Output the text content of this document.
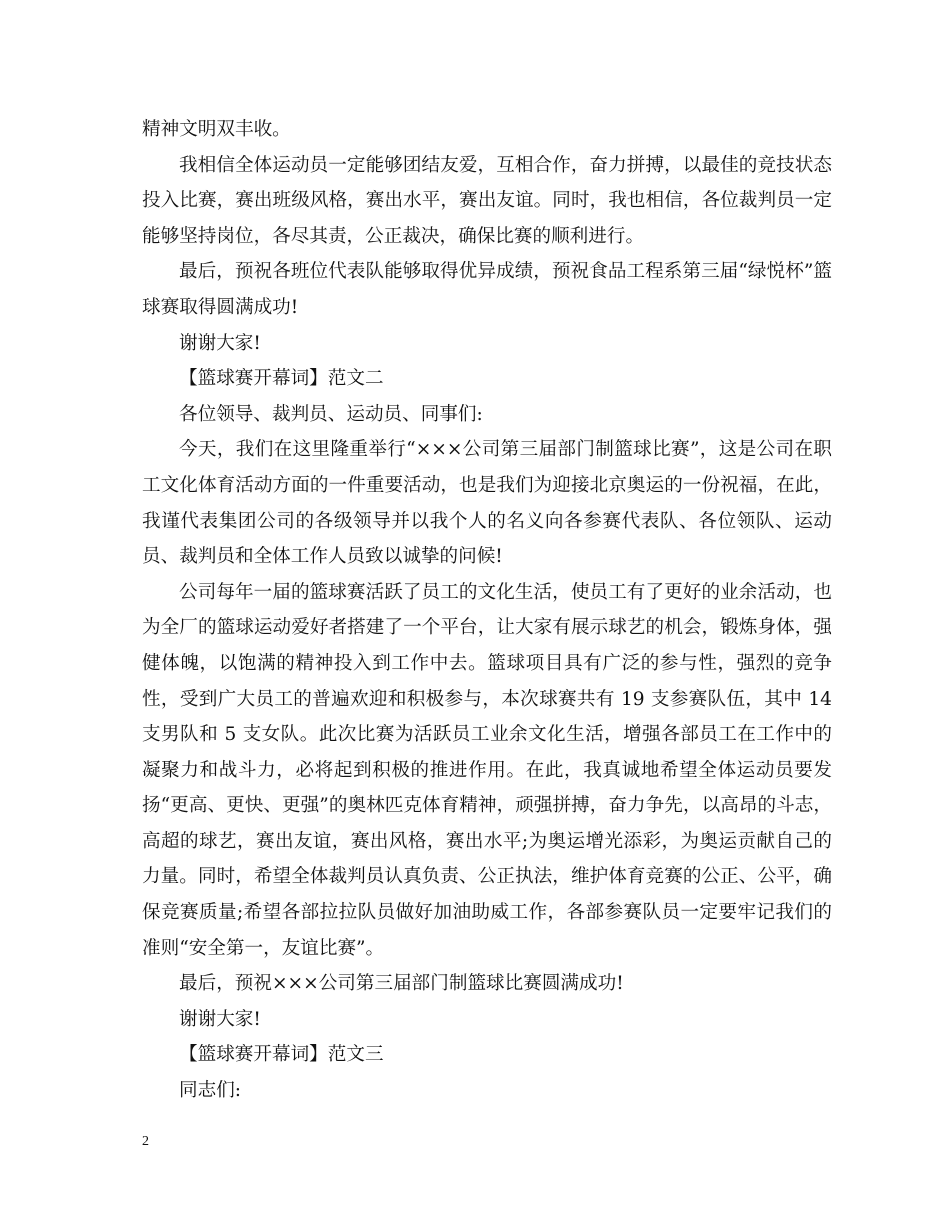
精神文明双丰收。

我相信全体运动员一定能够团结友爱，互相合作，奋力拼搏，以最佳的竞技状态投入比赛，赛出班级风格，赛出水平，赛出友谊。同时，我也相信，各位裁判员一定能够坚持岗位，各尽其责，公正裁决，确保比赛的顺利进行。

最后，预祝各班位代表队能够取得优异成绩，预祝食品工程系第三届“绿悦杯”篮球赛取得圆满成功!

谢谢大家!

【篮球赛开幕词】范文二

各位领导、裁判员、运动员、同事们:

今天，我们在这里隆重举行“×××公司第三届部门制篮球比赛”，这是公司在职工文化体育活动方面的一件重要活动，也是我们为迎接北京奥运的一份祝福，在此，我谨代表集团公司的各级领导并以我个人的名义向各参赛代表队、各位领队、运动员、裁判员和全体工作人员致以诚挚的问候!

公司每年一届的篮球赛活跃了员工的文化生活，使员工有了更好的业余活动，也为全厂的篮球运动爱好者搭建了一个平台，让大家有展示球艺的机会，锻炼身体，强健体魄，以饱满的精神投入到工作中去。篮球项目具有广泛的参与性，强烈的竞争性，受到广大员工的普遍欢迎和积极参与，本次球赛共有 19 支参赛队伍，其中 14 支男队和 5 支女队。此次比赛为活跃员工业余文化生活，增强各部员工在工作中的凝聚力和战斗力，必将起到积极的推进作用。在此，我真诚地希望全体运动员要发扬“更高、更快、更强”的奥林匹克体育精神，顽强拼搏，奋力争先，以高昂的斗志，高超的球艺，赛出友谊，赛出风格，赛出水平;为奥运增光添彩，为奥运贡献自己的力量。同时，希望全体裁判员认真负责、公正执法，维护体育竞赛的公正、公平，确保竞赛质量;希望各部拉拉队员做好加油助威工作，各部参赛队员一定要牢记我们的准则“安全第一，友谊比赛”。

最后，预祝×××公司第三届部门制篮球比赛圆满成功!

谢谢大家!

【篮球赛开幕词】范文三

同志们:

2
